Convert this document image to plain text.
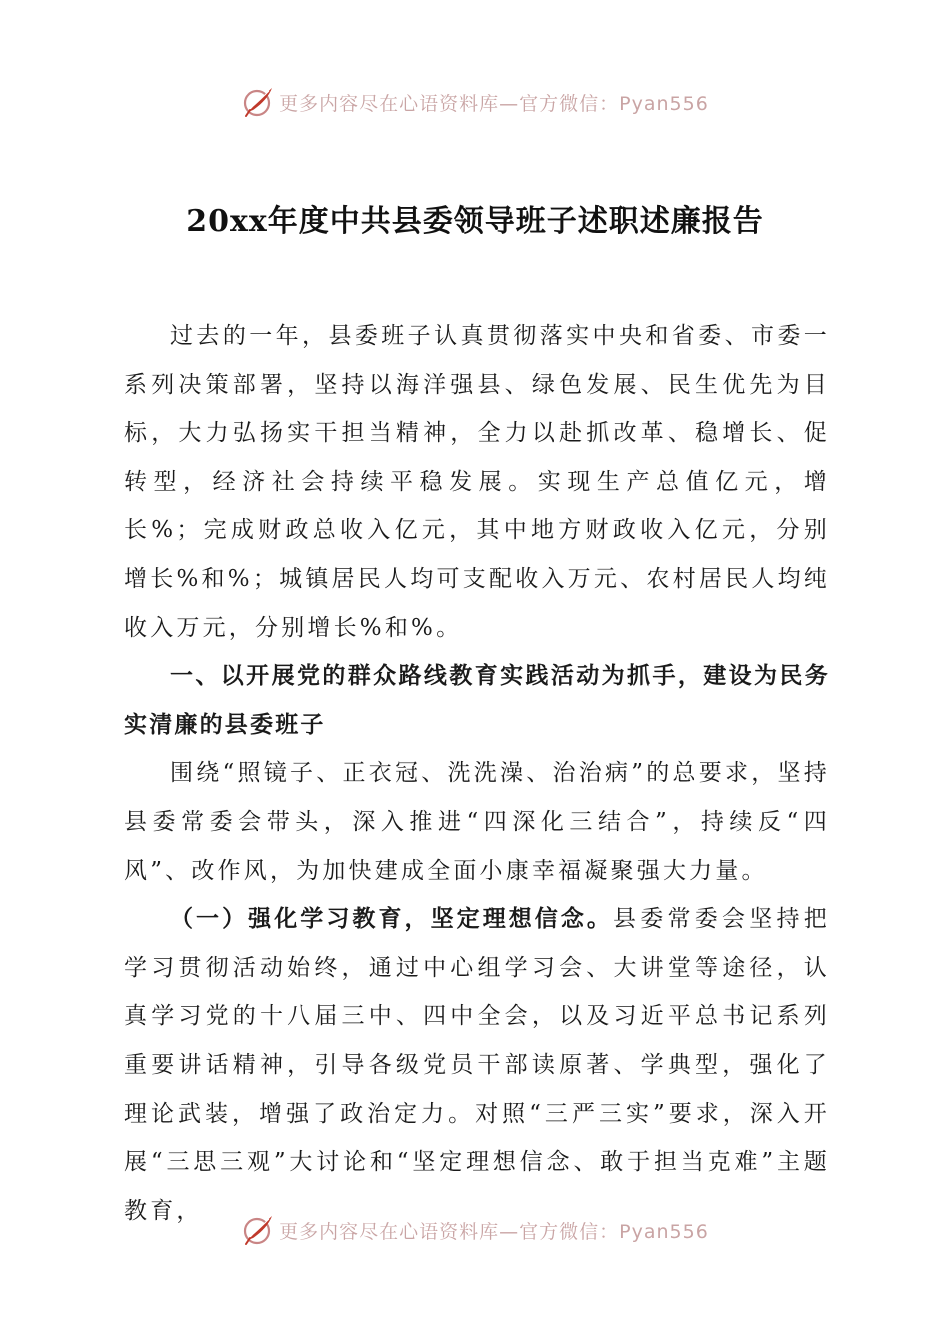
更多内容尽在心语资料库—官方微信：Pyan556
20xx年度中共县委领导班子述职述廉报告

过去的一年，县委班子认真贯彻落实中央和省委、市委一系列决策部署，坚持以海洋强县、绿色发展、民生优先为目标，大力弘扬实干担当精神，全力以赴抓改革、稳增长、促转型，经济社会持续平稳发展。实现生产总值亿元，增长%；完成财政总收入亿元，其中地方财政收入亿元，分别增长%和%；城镇居民人均可支配收入万元、农村居民人均纯收入万元，分别增长%和%。

一、以开展党的群众路线教育实践活动为抓手，建设为民务实清廉的县委班子

围绕“照镜子、正衣冠、洗洗澡、治治病”的总要求，坚持县委常委会带头，深入推进“四深化三结合”，持续反“四风”、改作风，为加快建成全面小康幸福凝聚强大力量。

（一）强化学习教育，坚定理想信念。县委常委会坚持把学习贯彻活动始终，通过中心组学习会、大讲堂等途径，认真学习党的十八届三中、四中全会，以及习近平总书记系列重要讲话精神，引导各级党员干部读原著、学典型，强化了理论武装，增强了政治定力。对照“三严三实”要求，深入开展“三思三观”大讨论和“坚定理想信念、敢于担当克难”主题教育，

更多内容尽在心语资料库—官方微信：Pyan556
